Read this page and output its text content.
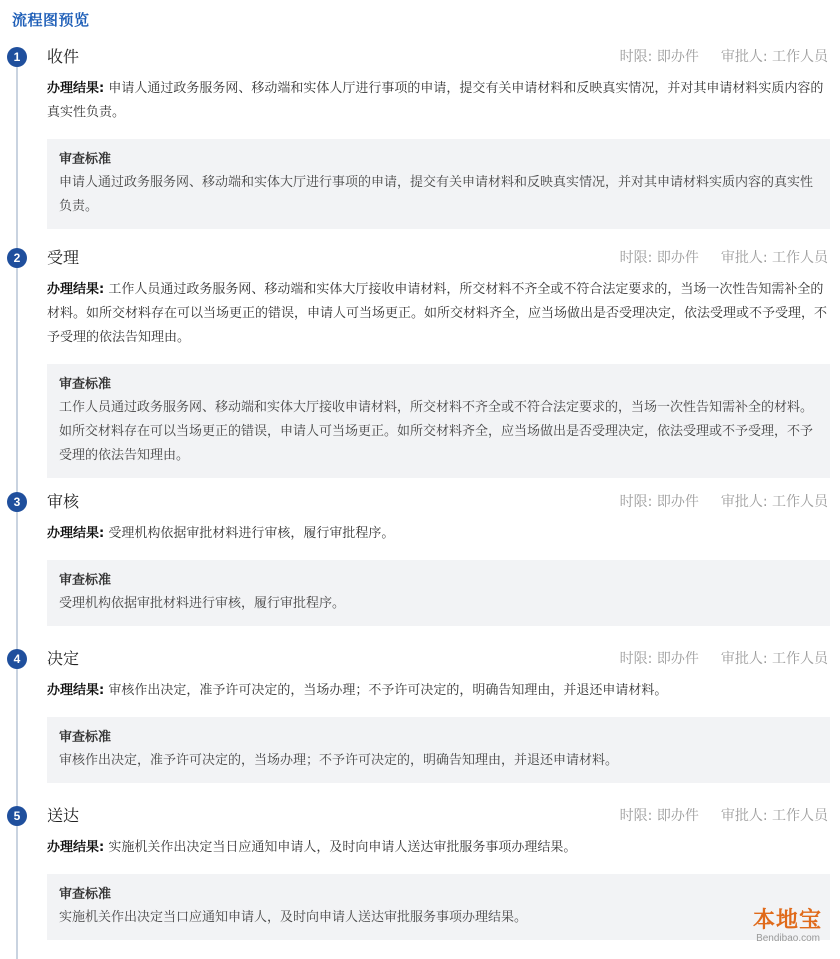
流程图预览
1	收件	时限: 即办件 审批人: 工作人员
办理结果: 申请人通过政务服务网、移动端和实体人厅进行事项的申请，提交有关申请材料和反映真实情况，并对其申请材料实质内容的真实性负责。
审查标准
申请人通过政务服务网、移动端和实体大厅进行事项的申请，提交有关申请材料和反映真实情况，并对其申请材料实质内容的真实性负责。
2	受理	时限: 即办件 审批人: 工作人员
办理结果: 工作人员通过政务服务网、移动端和实体大厅接收申请材料，所交材料不齐全或不符合法定要求的，当场一次性告知需补全的材料。如所交材料存在可以当场更正的错误，申请人可当场更正。如所交材料齐全，应当场做出是否受理决定，依法受理或不予受理，不予受理的依法告知理由。
审查标准
工作人员通过政务服务网、移动端和实体大厅接收申请材料，所交材料不齐全或不符合法定要求的，当场一次性告知需补全的材料。如所交材料存在可以当场更正的错误，申请人可当场更正。如所交材料齐全，应当场做出是否受理决定，依法受理或不予受理，不予受理的依法告知理由。
3	审核	时限: 即办件 审批人: 工作人员
办理结果: 受理机构依据审批材料进行审核，履行审批程序。
审查标准
受理机构依据审批材料进行审核，履行审批程序。
4	决定	时限: 即办件 审批人: 工作人员
办理结果: 审核作出决定，准予许可决定的，当场办理；不予许可决定的，明确告知理由，并退还申请材料。
审查标准
审核作出决定，准予许可决定的，当场办理；不予许可决定的，明确告知理由，并退还申请材料。
5	送达	时限: 即办件 审批人: 工作人员
办理结果: 实施机关作出决定当日应通知申请人，及时向申请人送达审批服务事项办理结果。
审查标准
实施机关作出决定当口应通知申请人，及时向申请人送达审批服务事项办理结果。	本地宝
Bendibao.com
